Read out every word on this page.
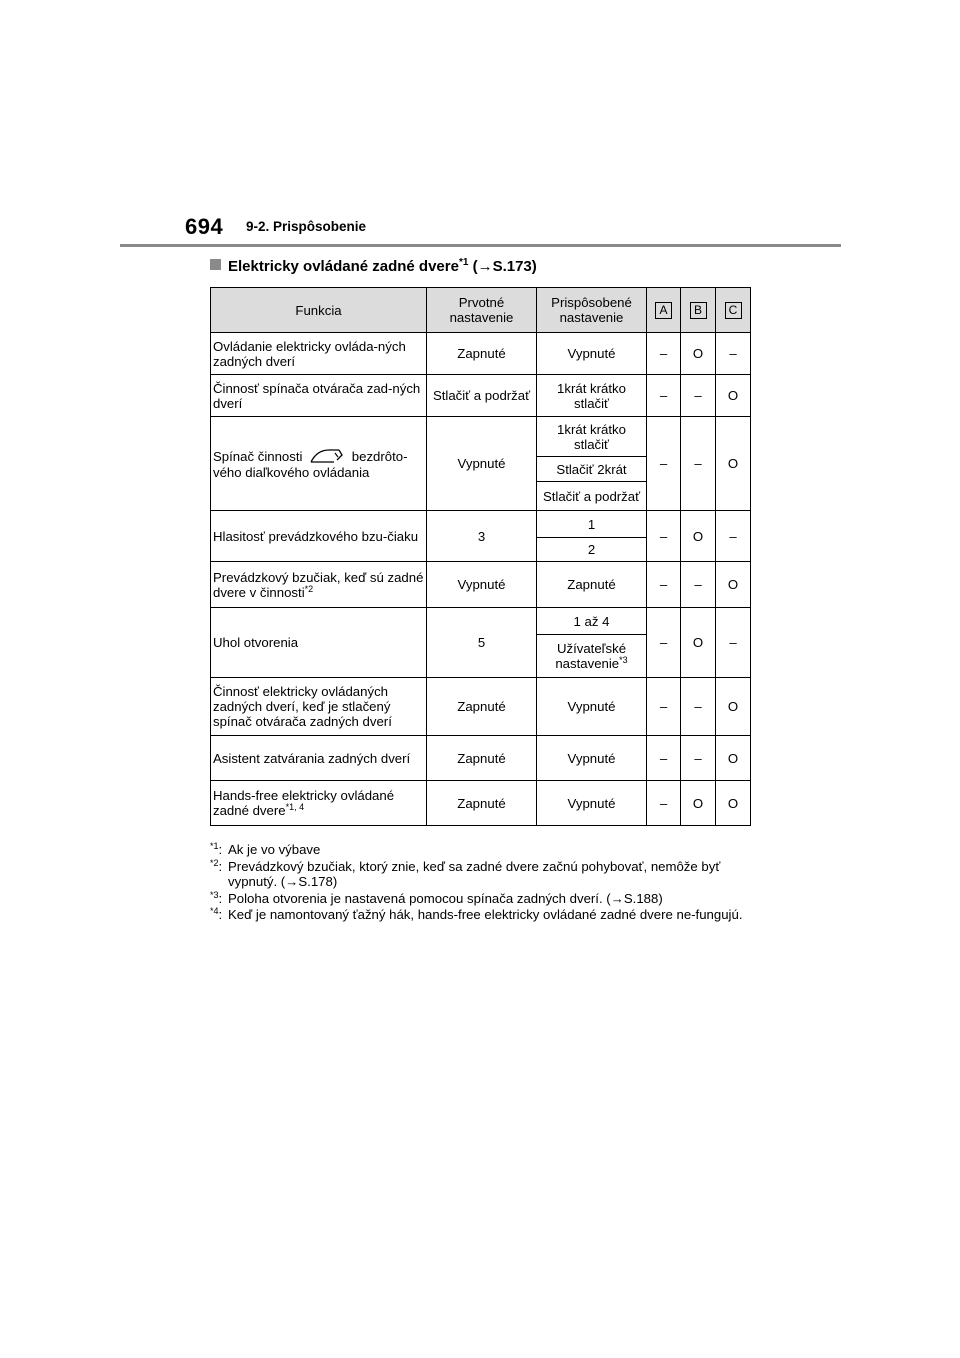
694 9-2. Prispôsobenie
Elektricky ovládané zadné dvere$^{*1}$ (→S.173)
Funkcia	Prvotné nastavenie	Prispôsobené nastavenie	A	B	C
Ovládanie elektricky ovláda-ných zadných dverí	Zapnuté	Vypnuté	–	O	–
Činnosť spínača otvárača zad-ných dverí	Stlačiť a podržať	1krát krátko stlačiť	–	–	O
Spínač činnosti bezdrôto-vého diaľkového ovládania	Vypnuté	1krát krátko stlačiť	–	–	O
		Stlačiť 2krát			
		Stlačiť a podržať			
Hlasitosť prevádzkového bzu-čiaku	3	1	–	O	–
		2			
Prevádzkový bzučiak, keď sú zadné dvere v činnosti$^{*2}$	Vypnuté	Zapnuté	–	–	O
Uhol otvorenia	5	1 až 4	–	O	–
		Užívateľské nastavenie$^{*3}$
Činnosť elektricky ovládaných zadných dverí, keď je stlačený spínač otvárača zadných dverí	Zapnuté	Vypnuté	–	–	O
Asistent zatvárania zadných dverí	Zapnuté	Vypnuté	–	–	O
Hands-free elektricky ovládané zadné dvere$^{*1, 4}$	Zapnuté	Vypnuté	–	O	O
$^{*1}$: Ak je vo výbave
$^{*2}$: Prevádzkový bzučiak, ktorý znie, keď sa zadné dvere začnú pohybovať, nemôže byť vypnutý. (→S.178)
$^{*3}$: Poloha otvorenia je nastavená pomocou spínača zadných dverí. (→S.188)
$^{*4}$: Keď je namontovaný ťažný hák, hands-free elektricky ovládané zadné dvere ne-fungujú.
